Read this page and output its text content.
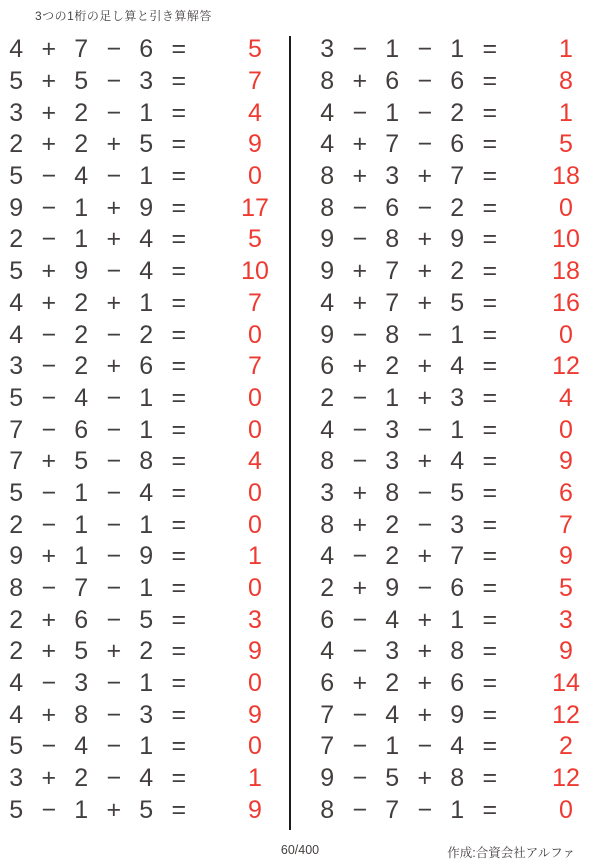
3つの1桁の足し算と引き算解答
4 + 7 − 6 =	5
5 + 5 − 3 =	7
3 + 2 − 1 =	4
2 + 2 + 5 =	9
5 − 4 − 1 =	0
9 − 1 + 9 =	17
2 − 1 + 4 =	5
5 + 9 − 4 =	10
4 + 2 + 1 =	7
4 − 2 − 2 =	0
3 − 2 + 6 =	7
5 − 4 − 1 =	0
7 − 6 − 1 =	0
7 + 5 − 8 =	4
5 − 1 − 4 =	0
2 − 1 − 1 =	0
9 + 1 − 9 =	1
8 − 7 − 1 =	0
2 + 6 − 5 =	3
2 + 5 + 2 =	9
4 − 3 − 1 =	0
4 + 8 − 3 =	9
5 − 4 − 1 =	0
3 + 2 − 4 =	1
5 − 1 + 5 =	9
3 − 1 − 1 =	1
8 + 6 − 6 =	8
4 − 1 − 2 =	1
4 + 7 − 6 =	5
8 + 3 + 7 =	18
8 − 6 − 2 =	0
9 − 8 + 9 =	10
9 + 7 + 2 =	18
4 + 7 + 5 =	16
9 − 8 − 1 =	0
6 + 2 + 4 =	12
2 − 1 + 3 =	4
4 − 3 − 1 =	0
8 − 3 + 4 =	9
3 + 8 − 5 =	6
8 + 2 − 3 =	7
4 − 2 + 7 =	9
2 + 9 − 6 =	5
6 − 4 + 1 =	3
4 − 3 + 8 =	9
6 + 2 + 6 =	14
7 − 4 + 9 =	12
7 − 1 − 4 =	2
9 − 5 + 8 =	12
8 − 7 − 1 =	0
60/400	作成:合資会社アルファ
